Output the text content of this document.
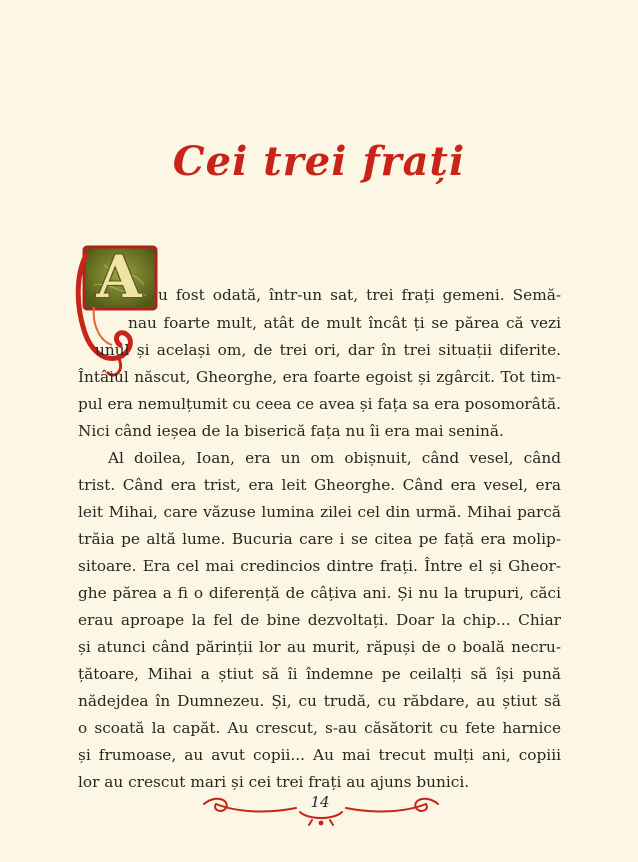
Cei trei frați
A	u fost odată, într-un sat, trei frați gemeni. Semă-
nau foarte mult, atât de mult încât ți se părea că vezi
unul și același om, de trei ori, dar în trei situații diferite.
Întâiul născut, Gheorghe, era foarte egoist și zgârcit. Tot tim-
pul era nemulțumit cu ceea ce avea și fața sa era posomorâtă.
Nici când ieșea de la biserică fața nu îi era mai senină.
Al doilea, Ioan, era un om obișnuit, când vesel, când
trist. Când era trist, era leit Gheorghe. Când era vesel, era
leit Mihai, care văzuse lumina zilei cel din urmă. Mihai parcă
trăia pe altă lume. Bucuria care i se citea pe față era molip-
sitoare. Era cel mai credincios dintre frați. Între el și Gheor-
ghe părea a fi o diferență de câțiva ani. Și nu la trupuri, căci
erau aproape la fel de bine dezvoltați. Doar la chip... Chiar
și atunci când părinții lor au murit, răpuși de o boală necru-
țătoare, Mihai a știut să îi îndemne pe ceilalți să își pună
nădejdea în Dumnezeu. Și, cu trudă, cu răbdare, au știut să
o scoată la capăt. Au crescut, s-au căsătorit cu fete harnice
și frumoase, au avut copii... Au mai trecut mulți ani, copiii
lor au crescut mari și cei trei frați au ajuns bunici.
14
